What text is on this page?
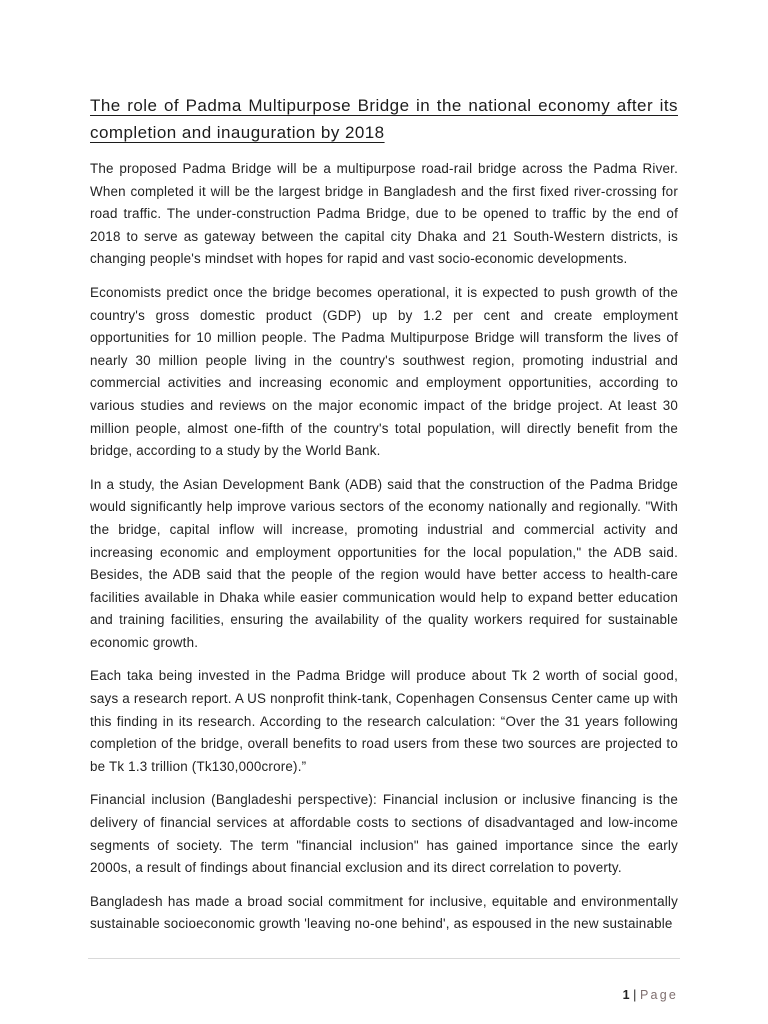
The role of Padma Multipurpose Bridge in the national economy after its completion and inauguration by 2018

The proposed Padma Bridge will be a multipurpose road-rail bridge across the Padma River. When completed it will be the largest bridge in Bangladesh and the first fixed river-crossing for road traffic. The under-construction Padma Bridge, due to be opened to traffic by the end of 2018 to serve as gateway between the capital city Dhaka and 21 South-Western districts, is changing people's mindset with hopes for rapid and vast socio-economic developments.

Economists predict once the bridge becomes operational, it is expected to push growth of the country's gross domestic product (GDP) up by 1.2 per cent and create employment opportunities for 10 million people. The Padma Multipurpose Bridge will transform the lives of nearly 30 million people living in the country's southwest region, promoting industrial and commercial activities and increasing economic and employment opportunities, according to various studies and reviews on the major economic impact of the bridge project. At least 30 million people, almost one-fifth of the country's total population, will directly benefit from the bridge, according to a study by the World Bank.

In a study, the Asian Development Bank (ADB) said that the construction of the Padma Bridge would significantly help improve various sectors of the economy nationally and regionally. "With the bridge, capital inflow will increase, promoting industrial and commercial activity and increasing economic and employment opportunities for the local population," the ADB said. Besides, the ADB said that the people of the region would have better access to health-care facilities available in Dhaka while easier communication would help to expand better education and training facilities, ensuring the availability of the quality workers required for sustainable economic growth.

Each taka being invested in the Padma Bridge will produce about Tk 2 worth of social good, says a research report. A US nonprofit think-tank, Copenhagen Consensus Center came up with this finding in its research. According to the research calculation: “Over the 31 years following completion of the bridge, overall benefits to road users from these two sources are projected to be Tk 1.3 trillion (Tk130,000crore).”

Financial inclusion (Bangladeshi perspective): Financial inclusion or inclusive financing is the delivery of financial services at affordable costs to sections of disadvantaged and low-income segments of society. The term "financial inclusion" has gained importance since the early 2000s, a result of findings about financial exclusion and its direct correlation to poverty.

Bangladesh has made a broad social commitment for inclusive, equitable and environmentally sustainable socioeconomic growth 'leaving no-one behind', as espoused in the new sustainable

1 | Page
